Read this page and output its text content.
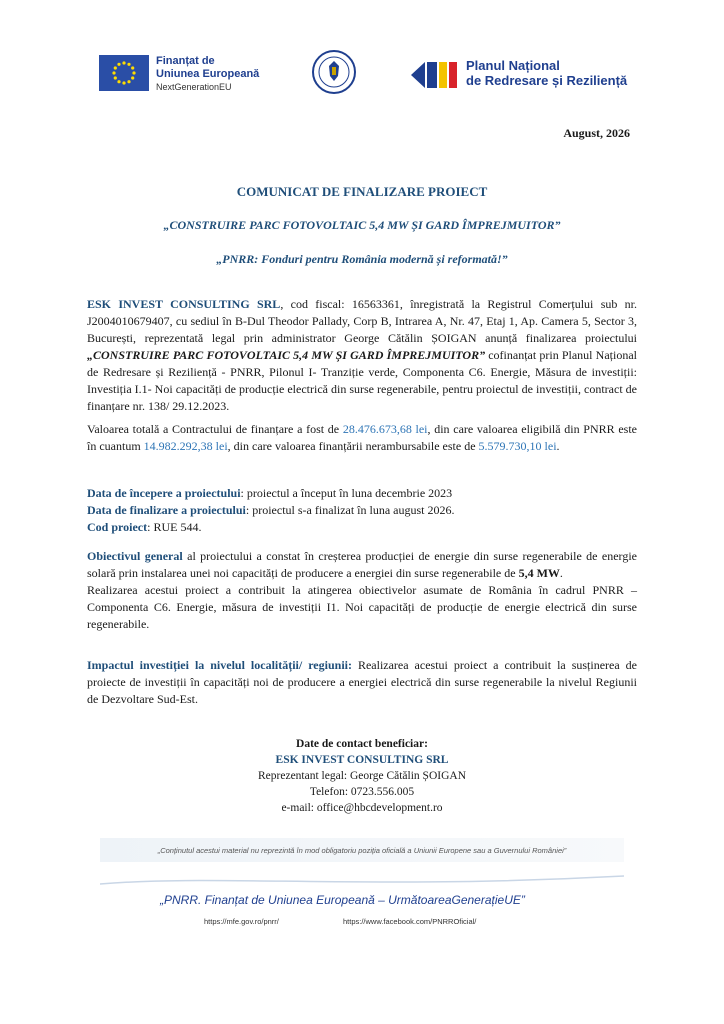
Finanțat de
Uniunea Europeană
NextGenerationEU
Planul Național
de Redresare și Reziliență
August, 2026
COMUNICAT DE FINALIZARE PROIECT
„CONSTRUIRE PARC FOTOVOLTAIC 5,4 MW ȘI GARD ÎMPREJMUITOR”
„PNRR: Fonduri pentru România modernă și reformată!”
ESK INVEST CONSULTING SRL, cod fiscal: 16563361, înregistrată la Registrul Comerțului sub nr. J2004010679407, cu sediul în B-Dul Theodor Pallady, Corp B, Intrarea A, Nr. 47, Etaj 1, Ap. Camera 5, Sector 3, București, reprezentată legal prin administrator George Cătălin ȘOIGAN anunță finalizarea proiectului „CONSTRUIRE PARC FOTOVOLTAIC 5,4 MW ȘI GARD ÎMPREJMUITOR” cofinanțat prin Planul Național de Redresare și Reziliență - PNRR, Pilonul I- Tranziție verde, Componenta C6. Energie, Măsura de investiții: Investiția I.1- Noi capacități de producție electrică din surse regenerabile, pentru proiectul de investiții, contract de finanțare nr. 138/ 29.12.2023.
Valoarea totală a Contractului de finanțare a fost de 28.476.673,68 lei, din care valoarea eligibilă din PNRR este în cuantum 14.982.292,38 lei, din care valoarea finanțării nerambursabile este de 5.579.730,10 lei.
Data de începere a proiectului: proiectul a început în luna decembrie 2023
Data de finalizare a proiectului: proiectul s-a finalizat în luna august 2026.
Cod proiect: RUE 544.
Obiectivul general al proiectului a constat în creșterea producției de energie din surse regenerabile de energie solară prin instalarea unei noi capacități de producere a energiei din surse regenerabile de 5,4 MW.
Realizarea acestui proiect a contribuit la atingerea obiectivelor asumate de România în cadrul PNRR – Componenta C6. Energie, măsura de investiții I1. Noi capacități de producție de energie electrică din surse regenerabile.
Impactul investiției la nivelul localității/ regiunii: Realizarea acestui proiect a contribuit la susținerea de proiecte de investiții în capacități noi de producere a energiei electrică din surse regenerabile la nivelul Regiunii de Dezvoltare Sud-Est.
Date de contact beneficiar:
ESK INVEST CONSULTING SRL
Reprezentant legal: George Cătălin ȘOIGAN
Telefon: 0723.556.005
e-mail: office@hbcdevelopment.ro
„Conținutul acestui material nu reprezintă în mod obligatoriu poziția oficială a Uniunii Europene sau a Guvernului României”
„PNRR. Finanțat de Uniunea Europeană – UrmătoareaGenerațieUE”
https://mfe.gov.ro/pnrr/	https://www.facebook.com/PNRROficial/
